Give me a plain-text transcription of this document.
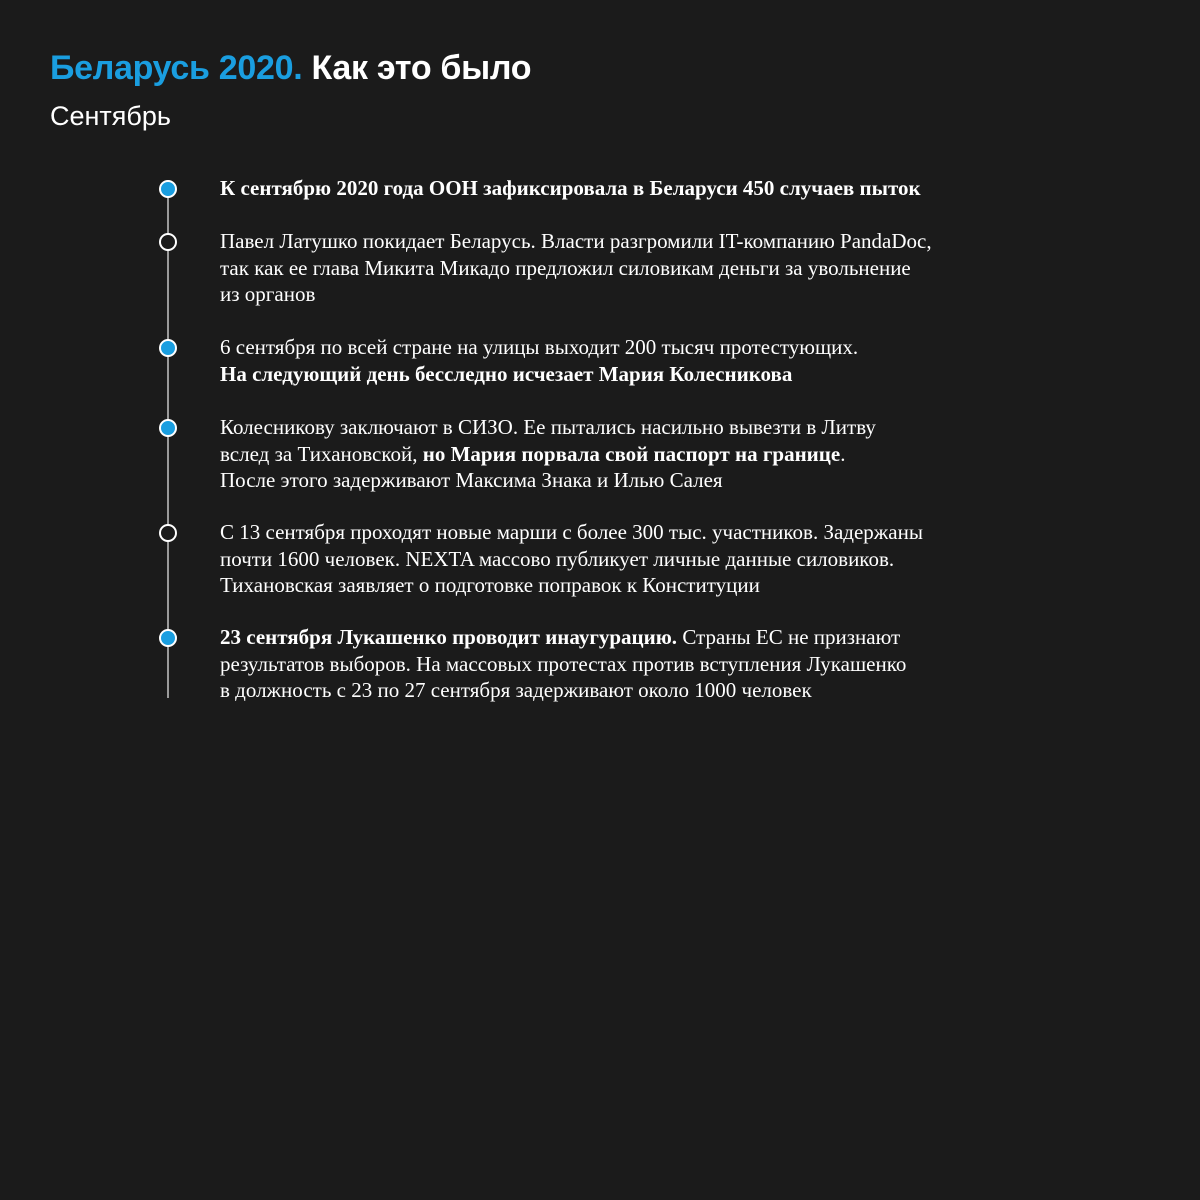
Беларусь 2020. Как это было
Сентябрь

К сентябрю 2020 года ООН зафиксировала в Беларуси 450 случаев пыток

Павел Латушко покидает Беларусь. Власти разгромили IT-компанию PandaDoc,
так как ее глава Микита Микадо предложил силовикам деньги за увольнение
из органов

6 сентября по всей стране на улицы выходит 200 тысяч протестующих.
На следующий день бесследно исчезает Мария Колесникова

Колесникову заключают в СИЗО. Ее пытались насильно вывезти в Литву
вслед за Тихановской, но Мария порвала свой паспорт на границе.
После этого задерживают Максима Знака и Илью Салея

С 13 сентября проходят новые марши с более 300 тыс. участников. Задержаны
почти 1600 человек. NEXTA массово публикует личные данные силовиков.
Тихановская заявляет о подготовке поправок к Конституции

23 сентября Лукашенко проводит инаугурацию. Страны ЕС не признают
результатов выборов. На массовых протестах против вступления Лукашенко
в должность с 23 по 27 сентября задерживают около 1000 человек
